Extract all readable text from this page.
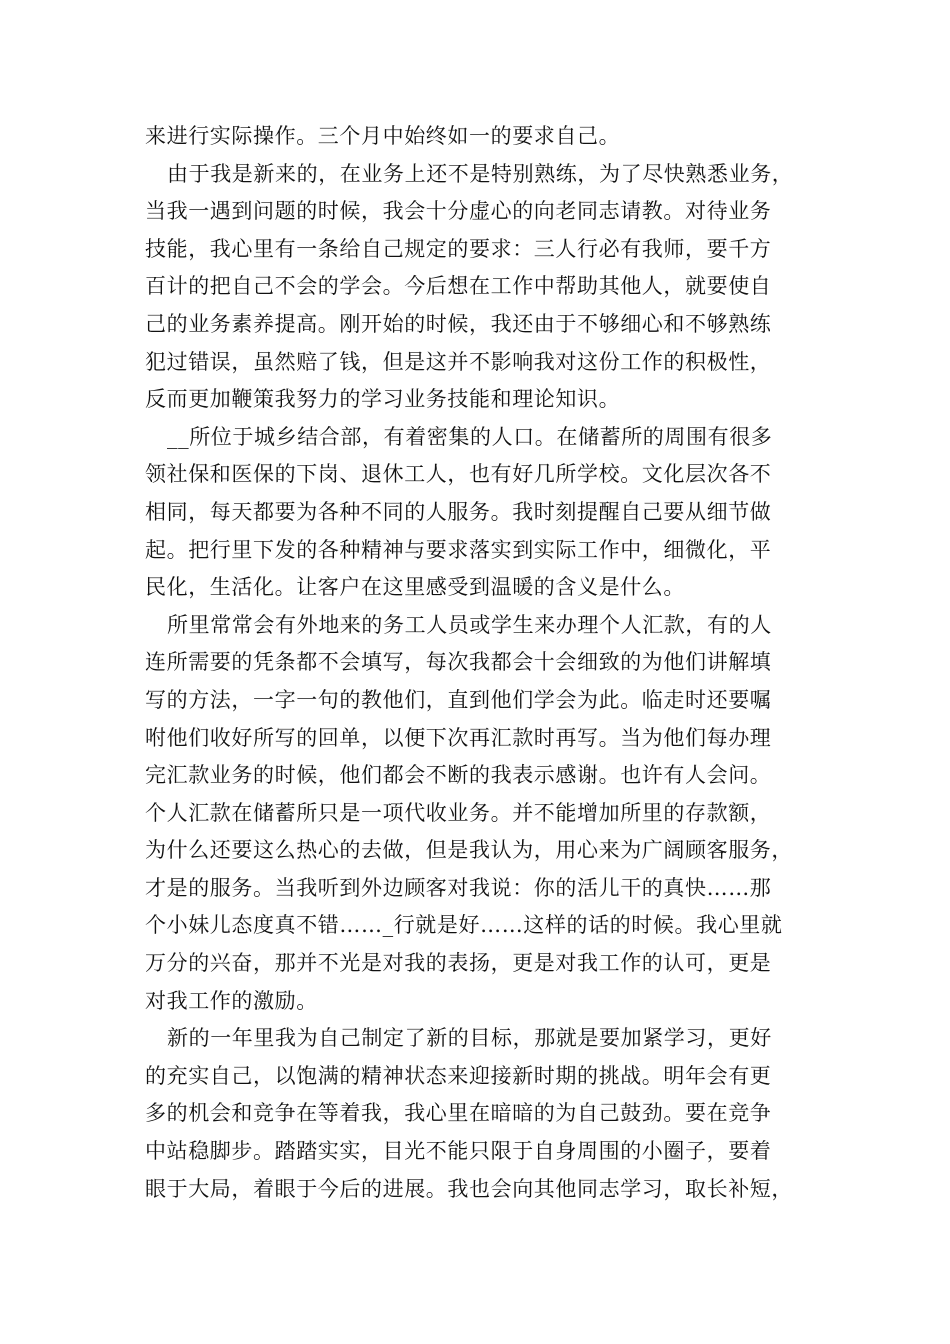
来进行实际操作。三个月中始终如一的要求自己。
由于我是新来的，在业务上还不是特别熟练，为了尽快熟悉业务，
当我一遇到问题的时候，我会十分虚心的向老同志请教。对待业务
技能，我心里有一条给自己规定的要求：三人行必有我师，要千方
百计的把自己不会的学会。今后想在工作中帮助其他人，就要使自
己的业务素养提高。刚开始的时候，我还由于不够细心和不够熟练
犯过错误，虽然赔了钱，但是这并不影响我对这份工作的积极性，
反而更加鞭策我努力的学习业务技能和理论知识。
__所位于城乡结合部，有着密集的人口。在储蓄所的周围有很多
领社保和医保的下岗、退休工人，也有好几所学校。文化层次各不
相同，每天都要为各种不同的人服务。我时刻提醒自己要从细节做
起。把行里下发的各种精神与要求落实到实际工作中，细微化，平
民化，生活化。让客户在这里感受到温暖的含义是什么。
所里常常会有外地来的务工人员或学生来办理个人汇款，有的人
连所需要的凭条都不会填写，每次我都会十会细致的为他们讲解填
写的方法，一字一句的教他们，直到他们学会为此。临走时还要嘱
咐他们收好所写的回单，以便下次再汇款时再写。当为他们每办理
完汇款业务的时候，他们都会不断的我表示感谢。也许有人会问。
个人汇款在储蓄所只是一项代收业务。并不能增加所里的存款额，
为什么还要这么热心的去做，但是我认为，用心来为广阔顾客服务，
才是的服务。当我听到外边顾客对我说：你的活儿干的真快……那
个小妹儿态度真不错……_行就是好……这样的话的时候。我心里就
万分的兴奋，那并不光是对我的表扬，更是对我工作的认可，更是
对我工作的激励。
新的一年里我为自己制定了新的目标，那就是要加紧学习，更好
的充实自己，以饱满的精神状态来迎接新时期的挑战。明年会有更
多的机会和竞争在等着我，我心里在暗暗的为自己鼓劲。要在竞争
中站稳脚步。踏踏实实，目光不能只限于自身周围的小圈子，要着
眼于大局，着眼于今后的进展。我也会向其他同志学习，取长补短，
